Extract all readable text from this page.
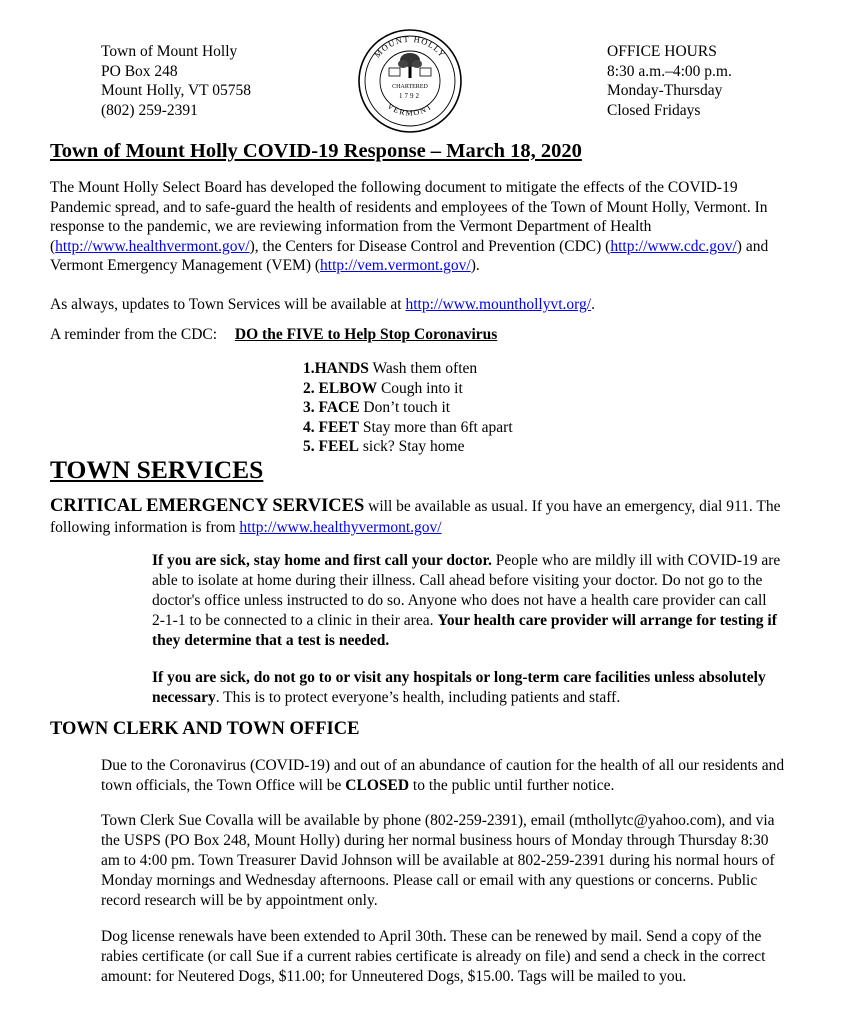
Town of Mount Holly
PO Box 248
Mount Holly, VT 05758
(802) 259-2391
MOUNT HOLLY
VERMONT
CHARTERED
1792
OFFICE HOURS
8:30 a.m.–4:00 p.m.
Monday-Thursday
Closed Fridays
Town of Mount Holly COVID-19 Response – March 18, 2020
The Mount Holly Select Board has developed the following document to mitigate the effects of the COVID-19 Pandemic spread, and to safe-guard the health of residents and employees of the Town of Mount Holly, Vermont. In response to the pandemic, we are reviewing information from the Vermont Department of Health (http://www.healthvermont.gov/), the Centers for Disease Control and Prevention (CDC) (http://www.cdc.gov/) and Vermont Emergency Management (VEM) (http://vem.vermont.gov/).
As always, updates to Town Services will be available at http://www.mounthollyvt.org/.
A reminder from the CDC: DO the FIVE to Help Stop Coronavirus
1.HANDS Wash them often
2. ELBOW Cough into it
3. FACE Don’t touch it
4. FEET Stay more than 6ft apart
5. FEEL sick? Stay home
TOWN SERVICES
CRITICAL EMERGENCY SERVICES will be available as usual. If you have an emergency, dial 911. The following information is from http://www.healthyvermont.gov/
If you are sick, stay home and first call your doctor. People who are mildly ill with COVID-19 are able to isolate at home during their illness. Call ahead before visiting your doctor. Do not go to the doctor's office unless instructed to do so. Anyone who does not have a health care provider can call 2-1-1 to be connected to a clinic in their area. Your health care provider will arrange for testing if they determine that a test is needed.
If you are sick, do not go to or visit any hospitals or long-term care facilities unless absolutely necessary. This is to protect everyone’s health, including patients and staff.
TOWN CLERK AND TOWN OFFICE
Due to the Coronavirus (COVID-19) and out of an abundance of caution for the health of all our residents and town officials, the Town Office will be CLOSED to the public until further notice.
Town Clerk Sue Covalla will be available by phone (802-259-2391), email (mthollytc@yahoo.com), and via the USPS (PO Box 248, Mount Holly) during her normal business hours of Monday through Thursday 8:30 am to 4:00 pm. Town Treasurer David Johnson will be available at 802-259-2391 during his normal hours of Monday mornings and Wednesday afternoons. Please call or email with any questions or concerns. Public record research will be by appointment only.
Dog license renewals have been extended to April 30th. These can be renewed by mail. Send a copy of the rabies certificate (or call Sue if a current rabies certificate is already on file) and send a check in the correct amount: for Neutered Dogs, $11.00; for Unneutered Dogs, $15.00. Tags will be mailed to you.
